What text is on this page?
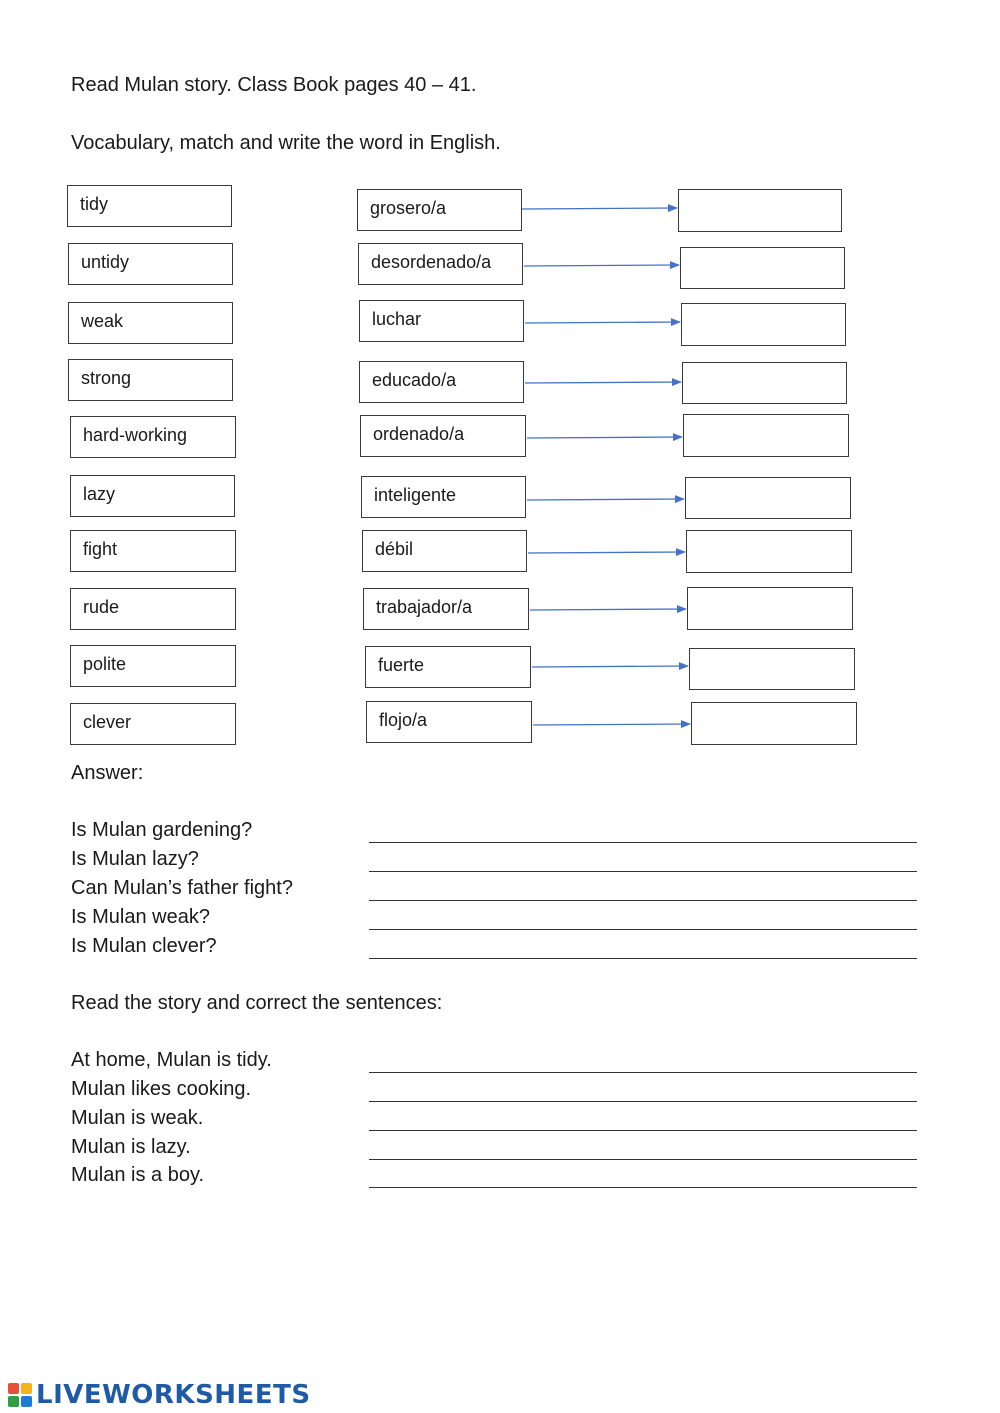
Read Mulan story. Class Book pages 40 – 41.
Vocabulary, match and write the word in English.
tidy
untidy
weak
strong
hard-working
lazy
fight
rude
polite
clever
grosero/a
desordenado/a
luchar
educado/a
ordenado/a
inteligente
débil
trabajador/a
fuerte
flojo/a
Answer:
Is Mulan gardening?
Is Mulan lazy?
Can Mulan’s father fight?
Is Mulan weak?
Is Mulan clever?
Read the story and correct the sentences:
At home, Mulan is tidy.
Mulan likes cooking.
Mulan is weak.
Mulan is lazy.
Mulan is a boy.
LIVEWORKSHEETS
